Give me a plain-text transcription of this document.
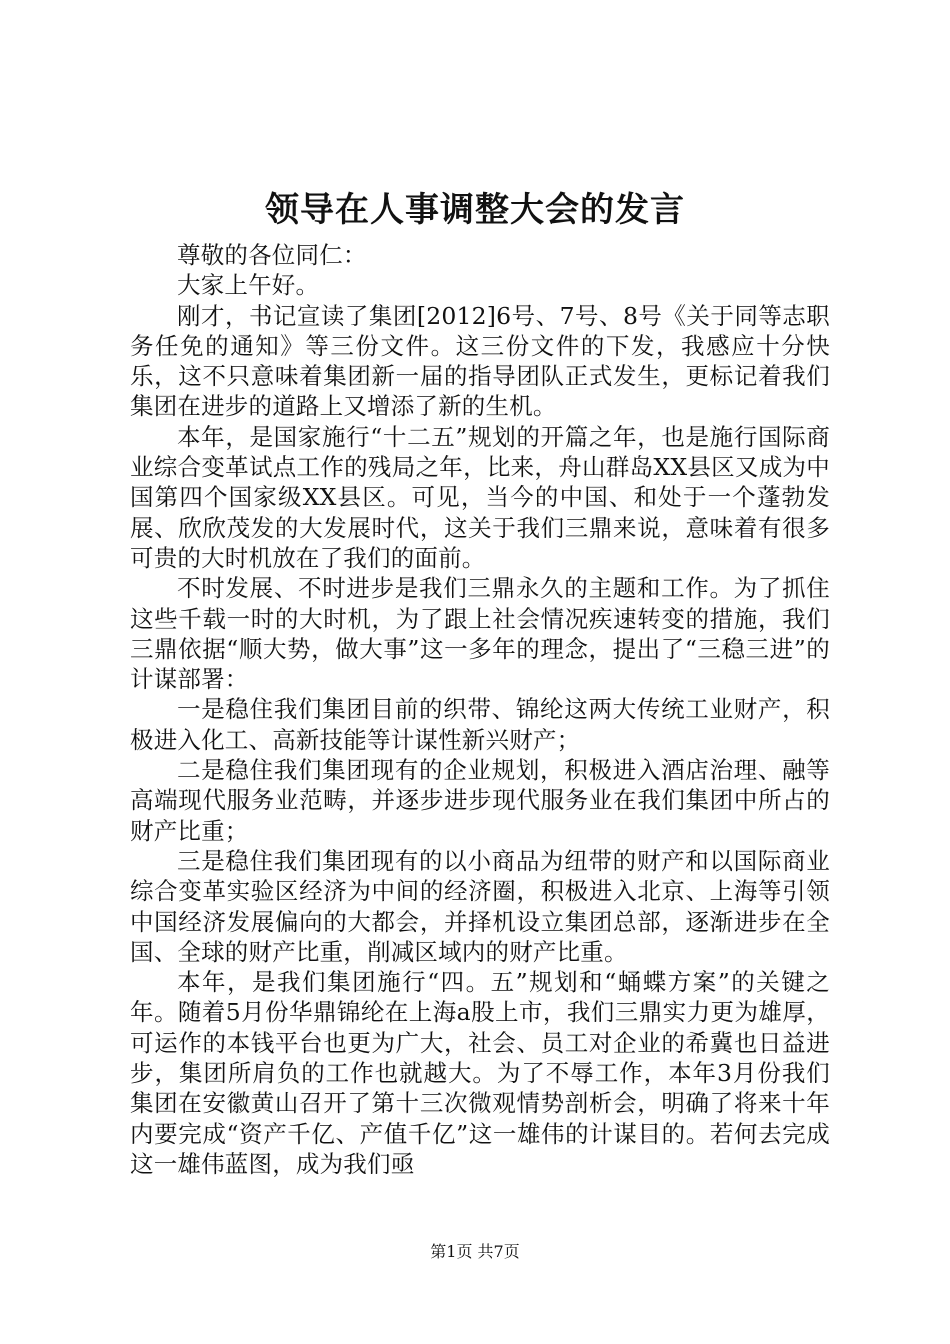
领导在人事调整大会的发言

尊敬的各位同仁：

大家上午好。

刚才，书记宣读了集团[2012]6号、7号、8号《关于同等志职务任免的通知》等三份文件。这三份文件的下发，我感应十分快乐，这不只意味着集团新一届的指导团队正式发生，更标记着我们集团在进步的道路上又增添了新的生机。

本年，是国家施行“十二五”规划的开篇之年，也是施行国际商业综合变革试点工作的残局之年，比来，舟山群岛XX县区又成为中国第四个国家级XX县区。可见，当今的中国、和处于一个蓬勃发展、欣欣茂发的大发展时代，这关于我们三鼎来说，意味着有很多可贵的大时机放在了我们的面前。

不时发展、不时进步是我们三鼎永久的主题和工作。为了抓住这些千载一时的大时机，为了跟上社会情况疾速转变的措施，我们三鼎依据“顺大势，做大事”这一多年的理念，提出了“三稳三进”的计谋部署：

一是稳住我们集团目前的织带、锦纶这两大传统工业财产，积极进入化工、高新技能等计谋性新兴财产；

二是稳住我们集团现有的企业规划，积极进入酒店治理、融等高端现代服务业范畴，并逐步进步现代服务业在我们集团中所占的财产比重；

三是稳住我们集团现有的以小商品为纽带的财产和以国际商业综合变革实验区经济为中间的经济圈，积极进入北京、上海等引领中国经济发展偏向的大都会，并择机设立集团总部，逐渐进步在全国、全球的财产比重，削减区域内的财产比重。

本年，是我们集团施行“四。五”规划和“蛹蝶方案”的关键之年。随着5月份华鼎锦纶在上海a股上市，我们三鼎实力更为雄厚，可运作的本钱平台也更为广大，社会、员工对企业的希冀也日益进步，集团所肩负的工作也就越大。为了不辱工作，本年3月份我们集团在安徽黄山召开了第十三次微观情势剖析会，明确了将来十年内要完成“资产千亿、产值千亿”这一雄伟的计谋目的。若何去完成这一雄伟蓝图，成为我们亟

第1页 共7页
